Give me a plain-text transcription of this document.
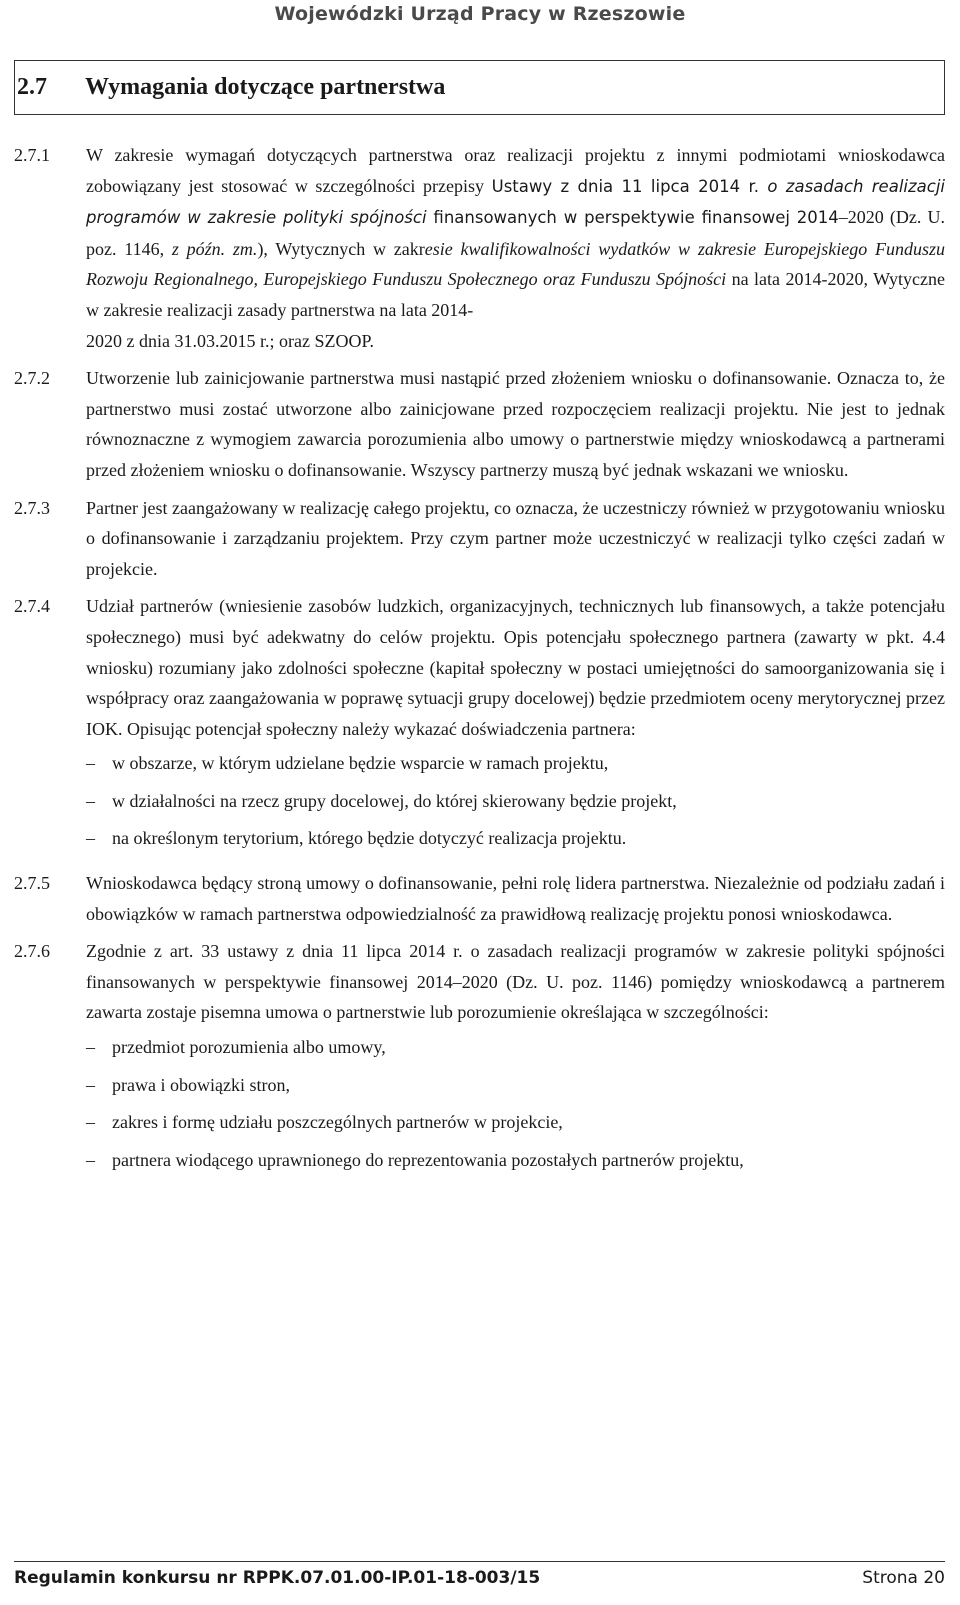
Wojewódzki Urząd Pracy w Rzeszowie
2.7	Wymagania dotyczące partnerstwa
2.7.1	W zakresie wymagań dotyczących partnerstwa oraz realizacji projektu z innymi podmiotami wnioskodawca zobowiązany jest stosować w szczególności przepisy Ustawy z dnia 11 lipca 2014 r. o zasadach realizacji programów w zakresie polityki spójności finansowanych w perspektywie finansowej 2014–2020 (Dz. U. poz. 1146, z późn. zm.), Wytycznych w zakresie kwalifikowalności wydatków w zakresie Europejskiego Funduszu Rozwoju Regionalnego, Europejskiego Funduszu Społecznego oraz Funduszu Spójności na lata 2014-2020, Wytyczne w zakresie realizacji zasady partnerstwa na lata 2014-
2020 z dnia 31.03.2015 r.; oraz SZOOP.
2.7.2	Utworzenie lub zainicjowanie partnerstwa musi nastąpić przed złożeniem wniosku o dofinansowanie. Oznacza to, że partnerstwo musi zostać utworzone albo zainicjowane przed rozpoczęciem realizacji projektu. Nie jest to jednak równoznaczne z wymogiem zawarcia porozumienia albo umowy o partnerstwie między wnioskodawcą a partnerami przed złożeniem wniosku o dofinansowanie. Wszyscy partnerzy muszą być jednak wskazani we wniosku.
2.7.3	Partner jest zaangażowany w realizację całego projektu, co oznacza, że uczestniczy również w przygotowaniu wniosku o dofinansowanie i zarządzaniu projektem. Przy czym partner może uczestniczyć w realizacji tylko części zadań w projekcie.
2.7.4	Udział partnerów (wniesienie zasobów ludzkich, organizacyjnych, technicznych lub finansowych, a także potencjału społecznego) musi być adekwatny do celów projektu. Opis potencjału społecznego partnera (zawarty w pkt. 4.4 wniosku) rozumiany jako zdolności społeczne (kapitał społeczny w postaci umiejętności do samoorganizowania się i współpracy oraz zaangażowania w poprawę sytuacji grupy docelowej) będzie przedmiotem oceny merytorycznej przez IOK. Opisując potencjał społeczny należy wykazać doświadczenia partnera:
– w obszarze, w którym udzielane będzie wsparcie w ramach projektu,
– w działalności na rzecz grupy docelowej, do której skierowany będzie projekt,
– na określonym terytorium, którego będzie dotyczyć realizacja projektu.
2.7.5	Wnioskodawca będący stroną umowy o dofinansowanie, pełni rolę lidera partnerstwa. Niezależnie od podziału zadań i obowiązków w ramach partnerstwa odpowiedzialność za prawidłową realizację projektu ponosi wnioskodawca.
2.7.6	Zgodnie z art. 33 ustawy z dnia 11 lipca 2014 r. o zasadach realizacji programów w zakresie polityki spójności finansowanych w perspektywie finansowej 2014–2020 (Dz. U. poz. 1146) pomiędzy wnioskodawcą a partnerem zawarta zostaje pisemna umowa o partnerstwie lub porozumienie określająca w szczególności:
– przedmiot porozumienia albo umowy,
– prawa i obowiązki stron,
– zakres i formę udziału poszczególnych partnerów w projekcie,
– partnera wiodącego uprawnionego do reprezentowania pozostałych partnerów projektu,
Regulamin konkursu nr RPPK.07.01.00-IP.01-18-003/15	Strona 20
